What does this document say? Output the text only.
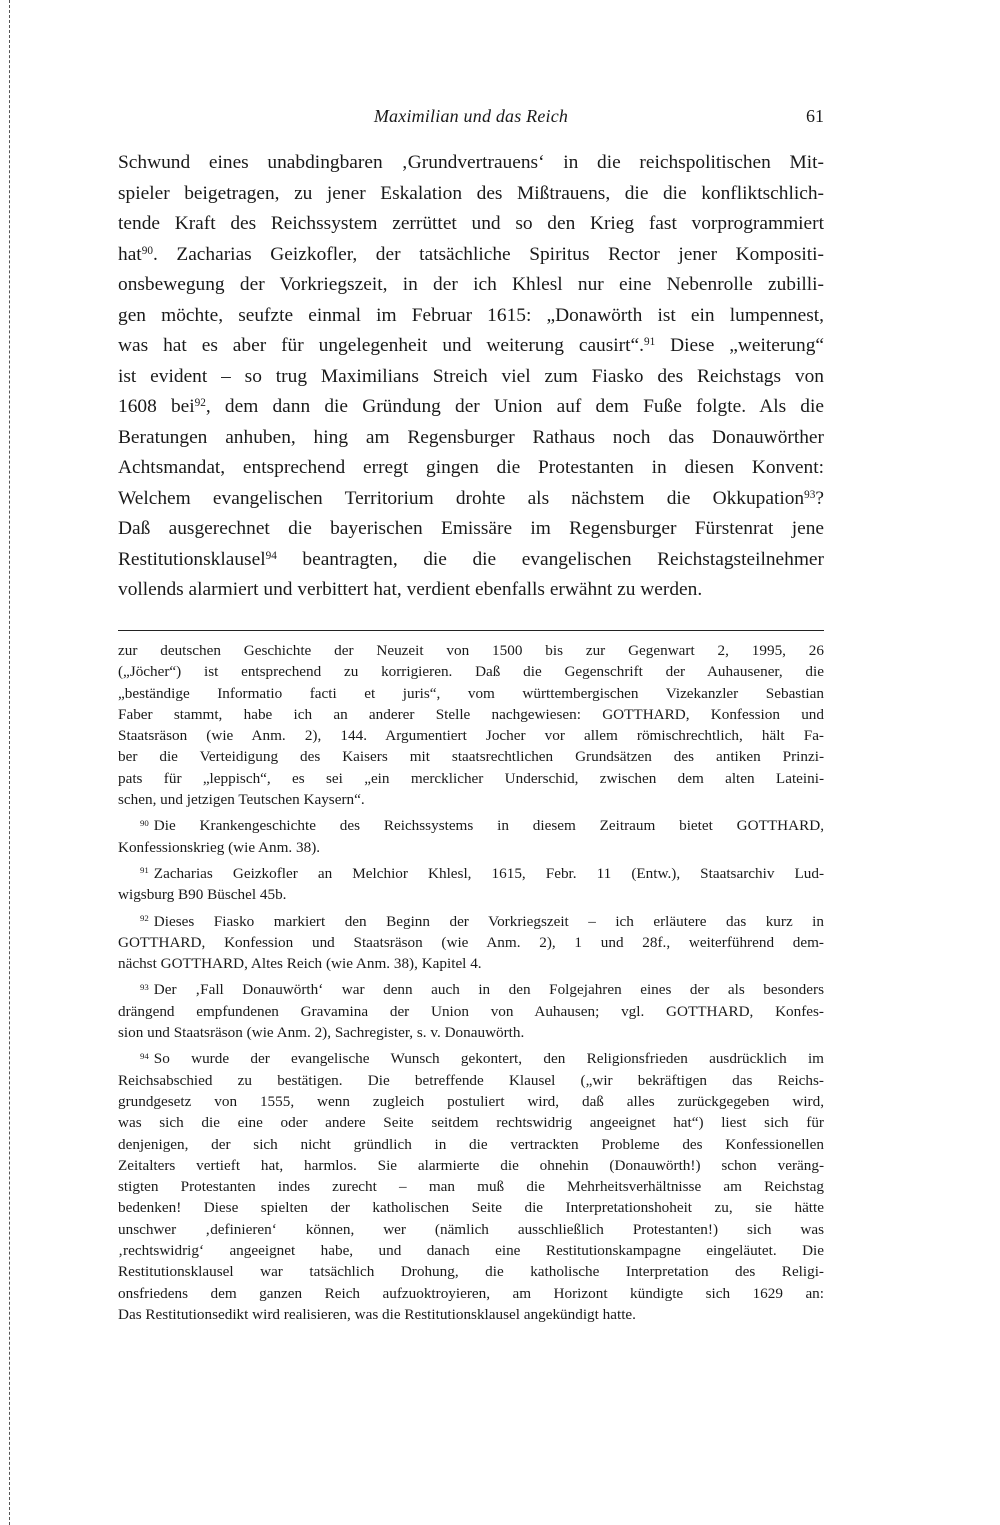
Maximilian und das Reich	61
Schwund eines unabdingbaren ‚Grundvertrauens‘ in die reichspolitischen Mit-
spieler beigetragen, zu jener Eskalation des Mißtrauens, die die konfliktschlich-
tende Kraft des Reichssystem zerrüttet und so den Krieg fast vorprogrammiert
hat$^{90}$. Zacharias Geizkofler, der tatsächliche Spiritus Rector jener Kompositi-
onsbewegung der Vorkriegszeit, in der ich Khlesl nur eine Nebenrolle zubilli-
gen möchte, seufzte einmal im Februar 1615: „Donawörth ist ein lumpennest,
was hat es aber für ungelegenheit und weiterung causirt“.$^{91}$ Diese „weiterung“
ist evident – so trug Maximilians Streich viel zum Fiasko des Reichstags von
1608 bei$^{92}$, dem dann die Gründung der Union auf dem Fuße folgte. Als die
Beratungen anhuben, hing am Regensburger Rathaus noch das Donauwörther
Achtsmandat, entsprechend erregt gingen die Protestanten in diesen Konvent:
Welchem evangelischen Territorium drohte als nächstem die Okkupation$^{93}$?
Daß ausgerechnet die bayerischen Emissäre im Regensburger Fürstenrat jene
Restitutionsklausel$^{94}$ beantragten, die die evangelischen Reichstagsteilnehmer
vollends alarmiert und verbittert hat, verdient ebenfalls erwähnt zu werden.
zur deutschen Geschichte der Neuzeit von 1500 bis zur Gegenwart 2, 1995, 26
(„Jöcher“) ist entsprechend zu korrigieren. Daß die Gegenschrift der Auhausener, die
„beständige Informatio facti et juris“, vom württembergischen Vizekanzler Sebastian
Faber stammt, habe ich an anderer Stelle nachgewiesen: GOTTHARD, Konfession und
Staatsräson (wie Anm. 2), 144. Argumentiert Jocher vor allem römischrechtlich, hält Fa-
ber die Verteidigung des Kaisers mit staatsrechtlichen Grundsätzen des antiken Prinzi-
pats für „leppisch“, es sei „ein mercklicher Underschid, zwischen dem alten Lateini-
schen, und jetzigen Teutschen Kaysern“.
$^{90}$ Die Krankengeschichte des Reichssystems in diesem Zeitraum bietet GOTTHARD,
Konfessionskrieg (wie Anm. 38).
$^{91}$ Zacharias Geizkofler an Melchior Khlesl, 1615, Febr. 11 (Entw.), Staatsarchiv Lud-
wigsburg B90 Büschel 45b.
$^{92}$ Dieses Fiasko markiert den Beginn der Vorkriegszeit – ich erläutere das kurz in
GOTTHARD, Konfession und Staatsräson (wie Anm. 2), 1 und 28f., weiterführend dem-
nächst GOTTHARD, Altes Reich (wie Anm. 38), Kapitel 4.
$^{93}$ Der ‚Fall Donauwörth‘ war denn auch in den Folgejahren eines der als besonders
drängend empfundenen Gravamina der Union von Auhausen; vgl. GOTTHARD, Konfes-
sion und Staatsräson (wie Anm. 2), Sachregister, s. v. Donauwörth.
$^{94}$ So wurde der evangelische Wunsch gekontert, den Religionsfrieden ausdrücklich im
Reichsabschied zu bestätigen. Die betreffende Klausel („wir bekräftigen das Reichs-
grundgesetz von 1555, wenn zugleich postuliert wird, daß alles zurückgegeben wird,
was sich die eine oder andere Seite seitdem rechtswidrig angeeignet hat“) liest sich für
denjenigen, der sich nicht gründlich in die vertrackten Probleme des Konfessionellen
Zeitalters vertieft hat, harmlos. Sie alarmierte die ohnehin (Donauwörth!) schon veräng-
stigten Protestanten indes zurecht – man muß die Mehrheitsverhältnisse am Reichstag
bedenken! Diese spielten der katholischen Seite die Interpretationshoheit zu, sie hätte
unschwer ‚definieren‘ können, wer (nämlich ausschließlich Protestanten!) sich was
‚rechtswidrig‘ angeeignet habe, und danach eine Restitutionskampagne eingeläutet. Die
Restitutionsklausel war tatsächlich Drohung, die katholische Interpretation des Religi-
onsfriedens dem ganzen Reich aufzuoktroyieren, am Horizont kündigte sich 1629 an:
Das Restitutionsedikt wird realisieren, was die Restitutionsklausel angekündigt hatte.
